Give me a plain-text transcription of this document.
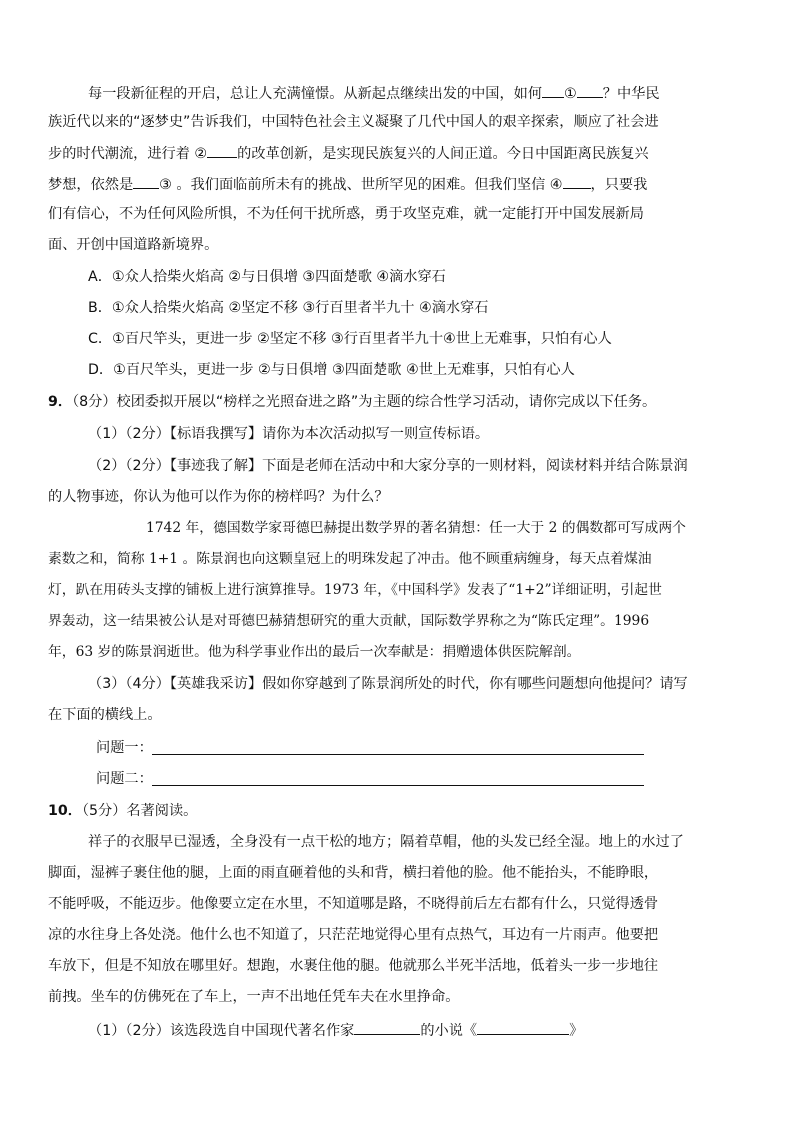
每一段新征程的开启，总让人充满憧憬。从新起点继续出发的中国，如何 ① ？中华民
族近代以来的“逐梦史”告诉我们，中国特色社会主义凝聚了几代中国人的艰辛探索，顺应了社会进
步的时代潮流，进行着 ② 的改革创新，是实现民族复兴的人间正道。今日中国距离民族复兴
梦想，依然是 ③ 。我们面临前所未有的挑战、世所罕见的困难。但我们坚信 ④ ，只要我
们有信心，不为任何风险所惧，不为任何干扰所惑，勇于攻坚克难，就一定能打开中国发展新局
面、开创中国道路新境界。
A．①众人拾柴火焰高 ②与日俱增 ③四面楚歌 ④滴水穿石
B．①众人拾柴火焰高 ②坚定不移 ③行百里者半九十 ④滴水穿石
C．①百尺竿头，更进一步 ②坚定不移 ③行百里者半九十④世上无难事，只怕有心人
D．①百尺竿头，更进一步 ②与日俱增 ③四面楚歌 ④世上无难事，只怕有心人
9．（8分）校团委拟开展以“榜样之光照奋进之路”为主题的综合性学习活动，请你完成以下任务。
（1）（2分）【标语我撰写】请你为本次活动拟写一则宣传标语。
（2）（2分）【事迹我了解】下面是老师在活动中和大家分享的一则材料，阅读材料并结合陈景润
的人物事迹，你认为他可以作为你的榜样吗？为什么？
1742 年，德国数学家哥德巴赫提出数学界的著名猜想：任一大于 2 的偶数都可写成两个
素数之和，简称 1+1 。陈景润也向这颗皇冠上的明珠发起了冲击。他不顾重病缠身，每天点着煤油
灯，趴在用砖头支撑的铺板上进行演算推导。1973 年，《中国科学》发表了“1+2”详细证明，引起世
界轰动，这一结果被公认是对哥德巴赫猜想研究的重大贡献，国际数学界称之为“陈氏定理”。1996
年，63 岁的陈景润逝世。他为科学事业作出的最后一次奉献是：捐赠遗体供医院解剖。
（3）（4分）【英雄我采访】假如你穿越到了陈景润所处的时代，你有哪些问题想向他提问？请写
在下面的横线上。
问题一：
问题二：
10．（5分）名著阅读。
祥子的衣服早已湿透，全身没有一点干松的地方；隔着草帽，他的头发已经全湿。地上的水过了
脚面，湿裤子裹住他的腿，上面的雨直砸着他的头和背，横扫着他的脸。他不能抬头，不能睁眼，
不能呼吸，不能迈步。他像要立定在水里，不知道哪是路，不晓得前后左右都有什么，只觉得透骨
凉的水往身上各处浇。他什么也不知道了，只茫茫地觉得心里有点热气，耳边有一片雨声。他要把
车放下，但是不知放在哪里好。想跑，水裹住他的腿。他就那么半死半活地，低着头一步一步地往
前拽。坐车的仿佛死在了车上，一声不出地任凭车夫在水里挣命。
（1）（2分）该选段选自中国现代著名作家	的小说《	》
